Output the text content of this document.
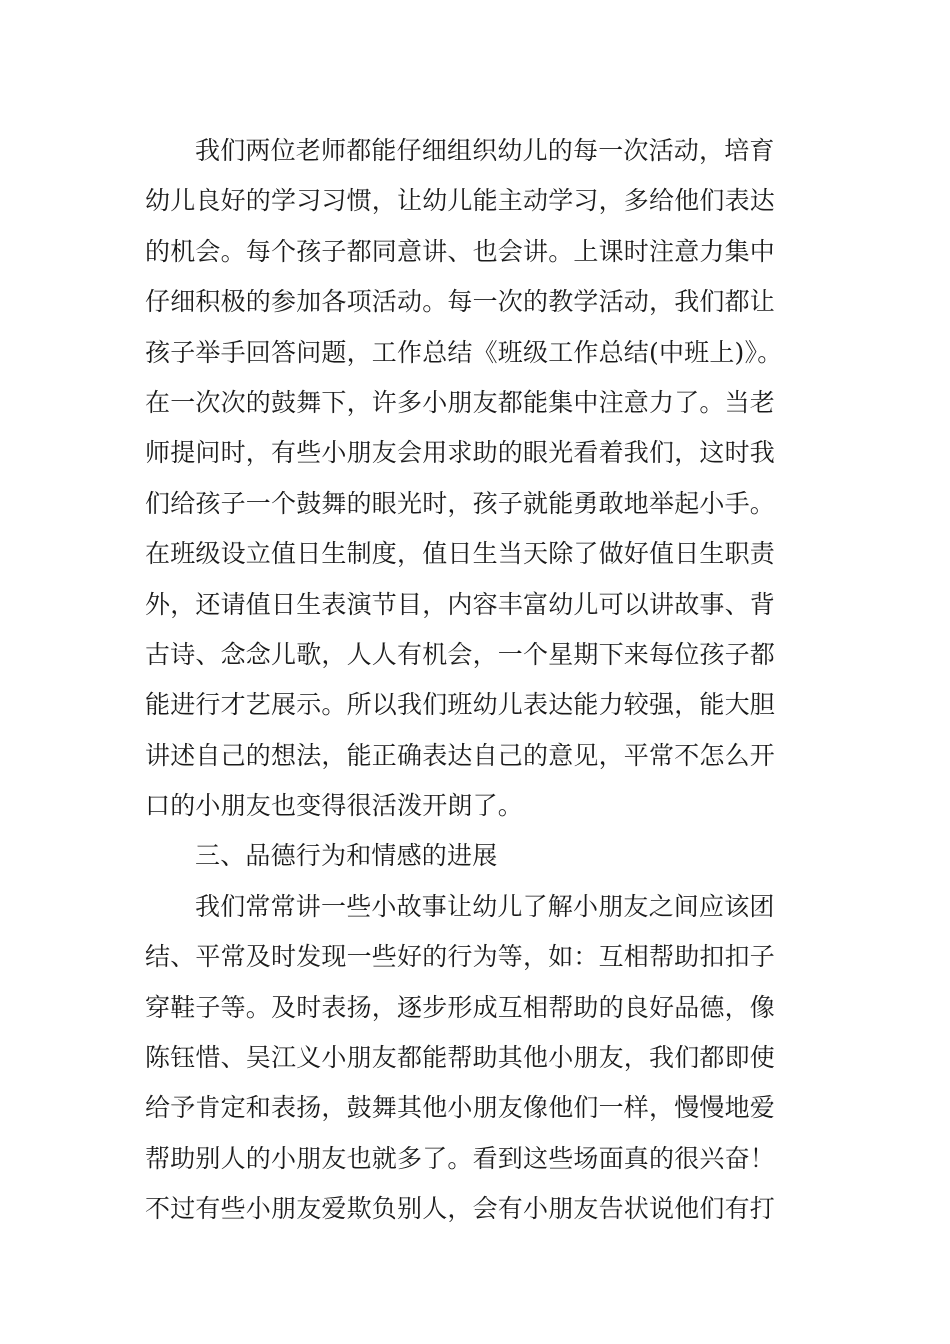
我们两位老师都能仔细组织幼儿的每一次活动，培育
幼儿良好的学习习惯，让幼儿能主动学习，多给他们表达
的机会。每个孩子都同意讲、也会讲。上课时注意力集中
仔细积极的参加各项活动。每一次的教学活动，我们都让
孩子举手回答问题，工作总结《班级工作总结(中班上)》。
在一次次的鼓舞下，许多小朋友都能集中注意力了。当老
师提问时，有些小朋友会用求助的眼光看着我们，这时我
们给孩子一个鼓舞的眼光时，孩子就能勇敢地举起小手。
在班级设立值日生制度，值日生当天除了做好值日生职责
外，还请值日生表演节目，内容丰富幼儿可以讲故事、背
古诗、念念儿歌，人人有机会，一个星期下来每位孩子都
能进行才艺展示。所以我们班幼儿表达能力较强，能大胆
讲述自己的想法，能正确表达自己的意见，平常不怎么开
口的小朋友也变得很活泼开朗了。
三、品德行为和情感的进展
我们常常讲一些小故事让幼儿了解小朋友之间应该团
结、平常及时发现一些好的行为等，如：互相帮助扣扣子
穿鞋子等。及时表扬，逐步形成互相帮助的良好品德，像
陈钰惜、吴江义小朋友都能帮助其他小朋友，我们都即使
给予肯定和表扬，鼓舞其他小朋友像他们一样，慢慢地爱
帮助别人的小朋友也就多了。看到这些场面真的很兴奋！
不过有些小朋友爱欺负别人，会有小朋友告状说他们有打
